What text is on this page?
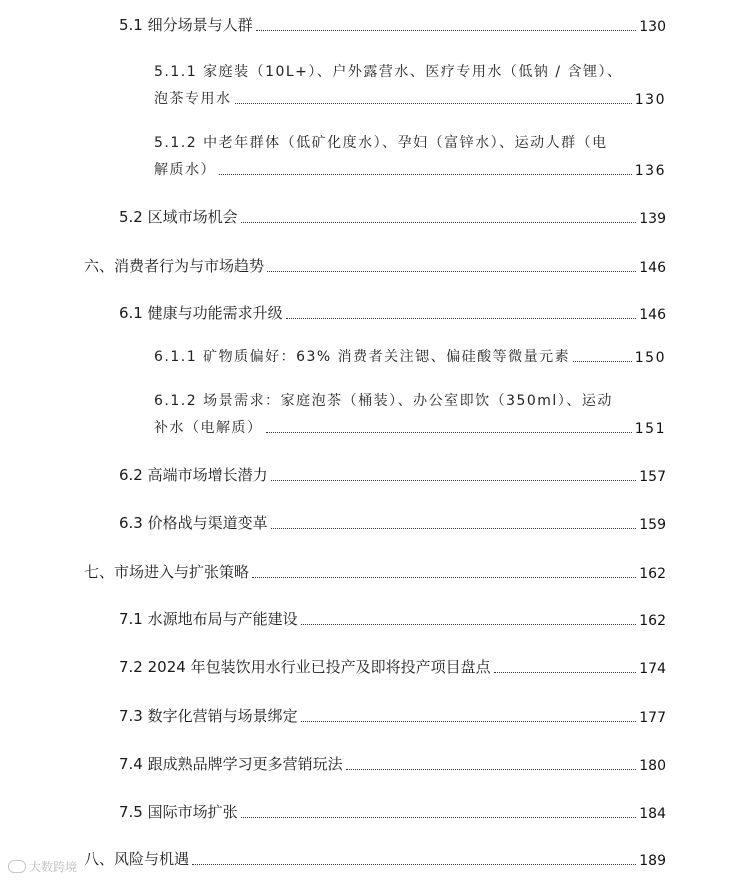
5.1 细分场景与人群	130
5.1.1 家庭装（10L+）、户外露营水、医疗专用水（低钠 / 含锂）、
泡茶专用水	130
5.1.2 中老年群体（低矿化度水）、孕妇（富锌水）、运动人群（电
解质水）	136
5.2 区域市场机会	139
六、消费者行为与市场趋势	146
6.1 健康与功能需求升级	146
6.1.1 矿物质偏好：63% 消费者关注锶、偏硅酸等微量元素	150
6.1.2 场景需求：家庭泡茶（桶装）、办公室即饮（350ml）、运动
补水（电解质）	151
6.2 高端市场增长潜力	157
6.3 价格战与渠道变革	159
七、市场进入与扩张策略	162
7.1 水源地布局与产能建设	162
7.2 2024 年包装饮用水行业已投产及即将投产项目盘点	174
7.3 数字化营销与场景绑定	177
7.4 跟成熟品牌学习更多营销玩法	180
7.5 国际市场扩张	184
八、风险与机遇	189
大数跨境
